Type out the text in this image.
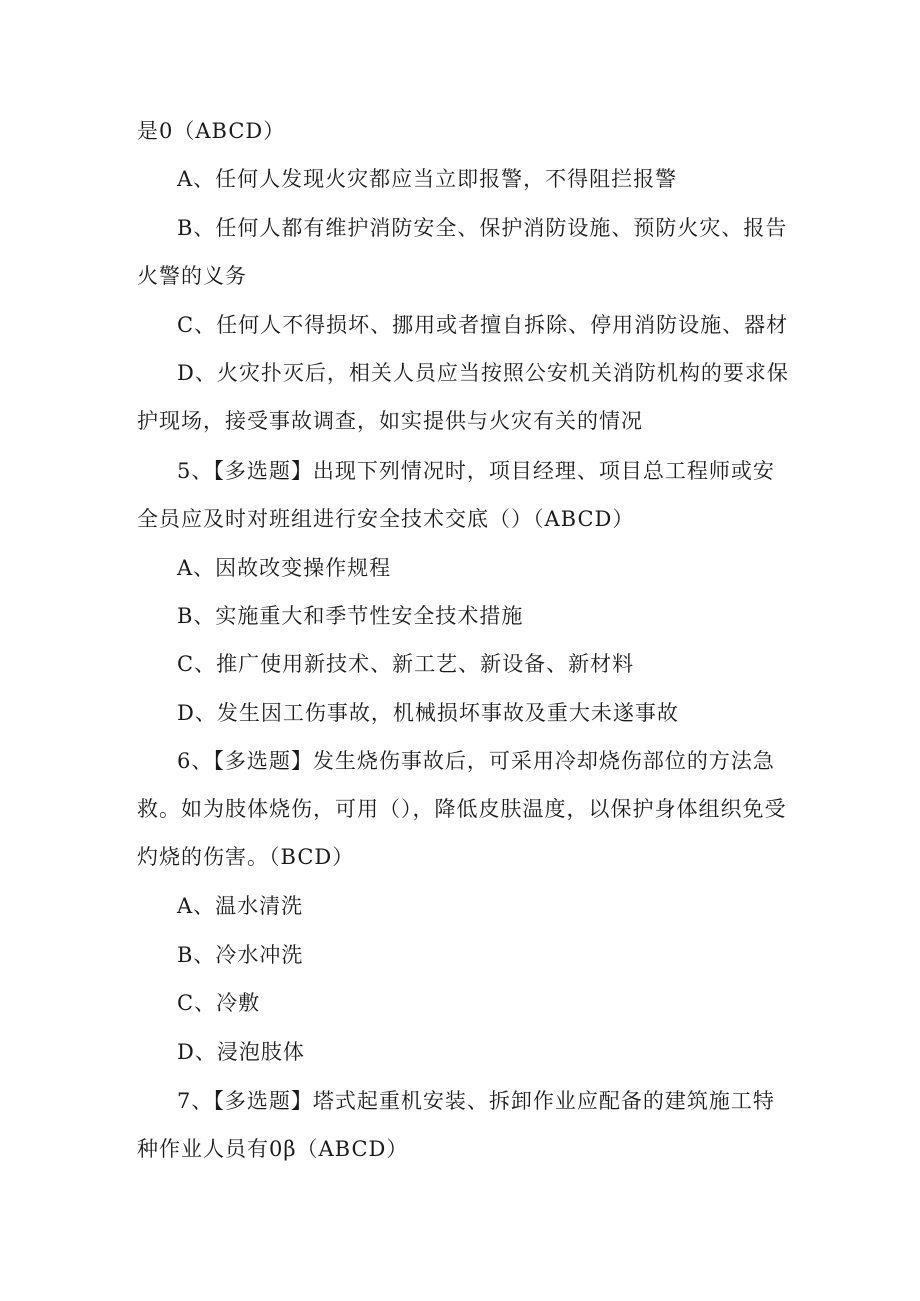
是0（ABCD）
A、任何人发现火灾都应当立即报警，不得阻拦报警
B、任何人都有维护消防安全、保护消防设施、预防火灾、报告
火警的义务
C、任何人不得损坏、挪用或者擅自拆除、停用消防设施、器材
D、火灾扑灭后，相关人员应当按照公安机关消防机构的要求保
护现场，接受事故调查，如实提供与火灾有关的情况
5、【多选题】出现下列情况时，项目经理、项目总工程师或安
全员应及时对班组进行安全技术交底（）（ABCD）
A、因故改变操作规程
B、实施重大和季节性安全技术措施
C、推广使用新技术、新工艺、新设备、新材料
D、发生因工伤事故，机械损坏事故及重大未遂事故
6、【多选题】发生烧伤事故后，可采用冷却烧伤部位的方法急
救。如为肢体烧伤，可用（），降低皮肤温度，以保护身体组织免受
灼烧的伤害。（BCD）
A、温水清洗
B、冷水冲洗
C、冷敷
D、浸泡肢体
7、【多选题】塔式起重机安装、拆卸作业应配备的建筑施工特
种作业人员有0β（ABCD）
